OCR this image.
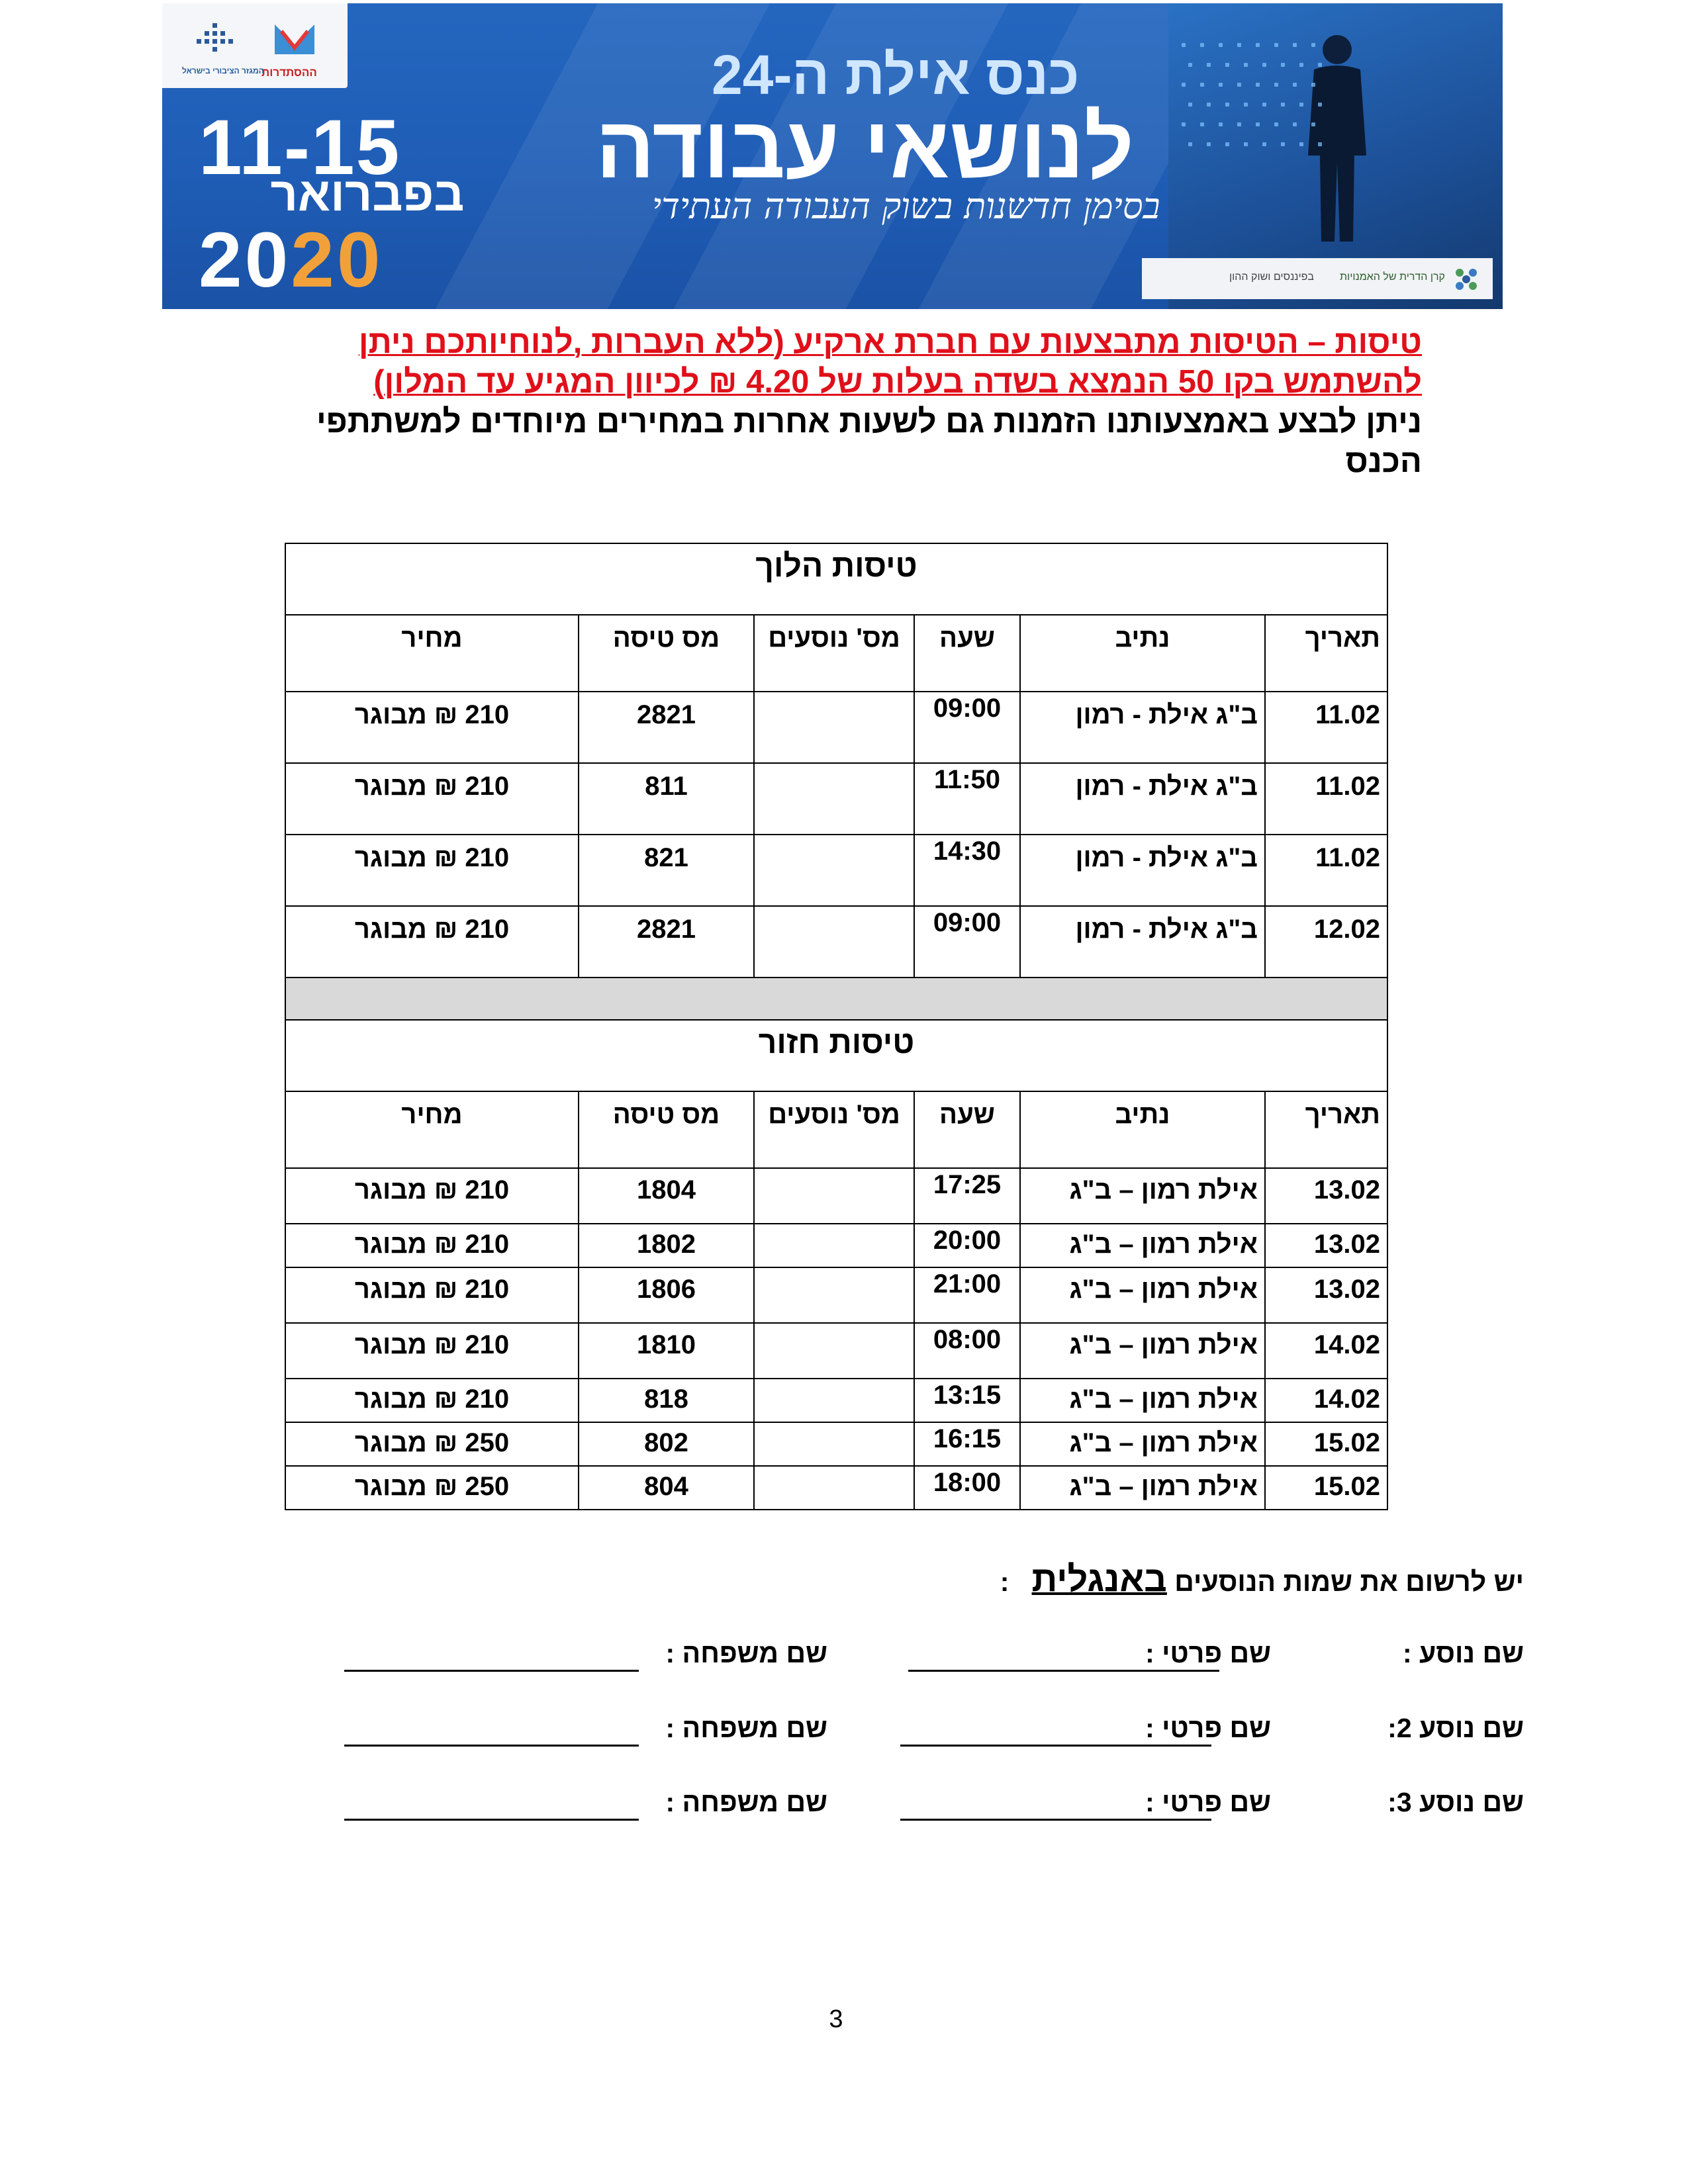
ההסתדרות
המגזר הציבורי בישראל
11-15
בפברואר
2020
כנס אילת ה-24
לנושאי עבודה
בסימן חדשנות בשוק העבודה העתידי
קרן הדרית של האמנויות
בפיננסים ושוק ההון
טיסות – הטיסות מתבצעות עם חברת ארקיע (ללא העברות ,לנוחיותכם ניתן להשתמש בקו 50 הנמצא בשדה בעלות של 4.20 ₪ לכיוון המגיע עד המלון)
ניתן לבצע באמצעותנו הזמנות גם לשעות אחרות במחירים מיוחדים למשתתפי הכנס
טיסות הלוך					
תאריך	נתיב	שעה	מס' נוסעים	מס טיסה	מחיר
11.02	ב"ג אילת - רמון	09:00		2821	210 ₪ מבוגר
11.02	ב"ג אילת - רמון	11:50		811	210 ₪ מבוגר
11.02	ב"ג אילת - רמון	14:30		821	210 ₪ מבוגר
12.02	ב"ג אילת - רמון	09:00		2821	210 ₪ מבוגר

טיסות חזור					
תאריך	נתיב	שעה	מס' נוסעים	מס טיסה	מחיר
13.02	אילת רמון – ב"ג	17:25		1804	210 ₪ מבוגר
13.02	אילת רמון – ב"ג	20:00		1802	210 ₪ מבוגר
13.02	אילת רמון – ב"ג	21:00		1806	210 ₪ מבוגר
14.02	אילת רמון – ב"ג	08:00		1810	210 ₪ מבוגר
14.02	אילת רמון – ב"ג	13:15		818	210 ₪ מבוגר
15.02	אילת רמון – ב"ג	16:15		802	250 ₪ מבוגר
15.02	אילת רמון – ב"ג	18:00		804	250 ₪ מבוגר
יש לרשום את שמות הנוסעים באנגלית   :
שם נוסע :
שם פרטי :
שם משפחה :
שם נוסע 2:
שם פרטי :
שם משפחה :
שם נוסע 3:
שם פרטי :
שם משפחה :
3
